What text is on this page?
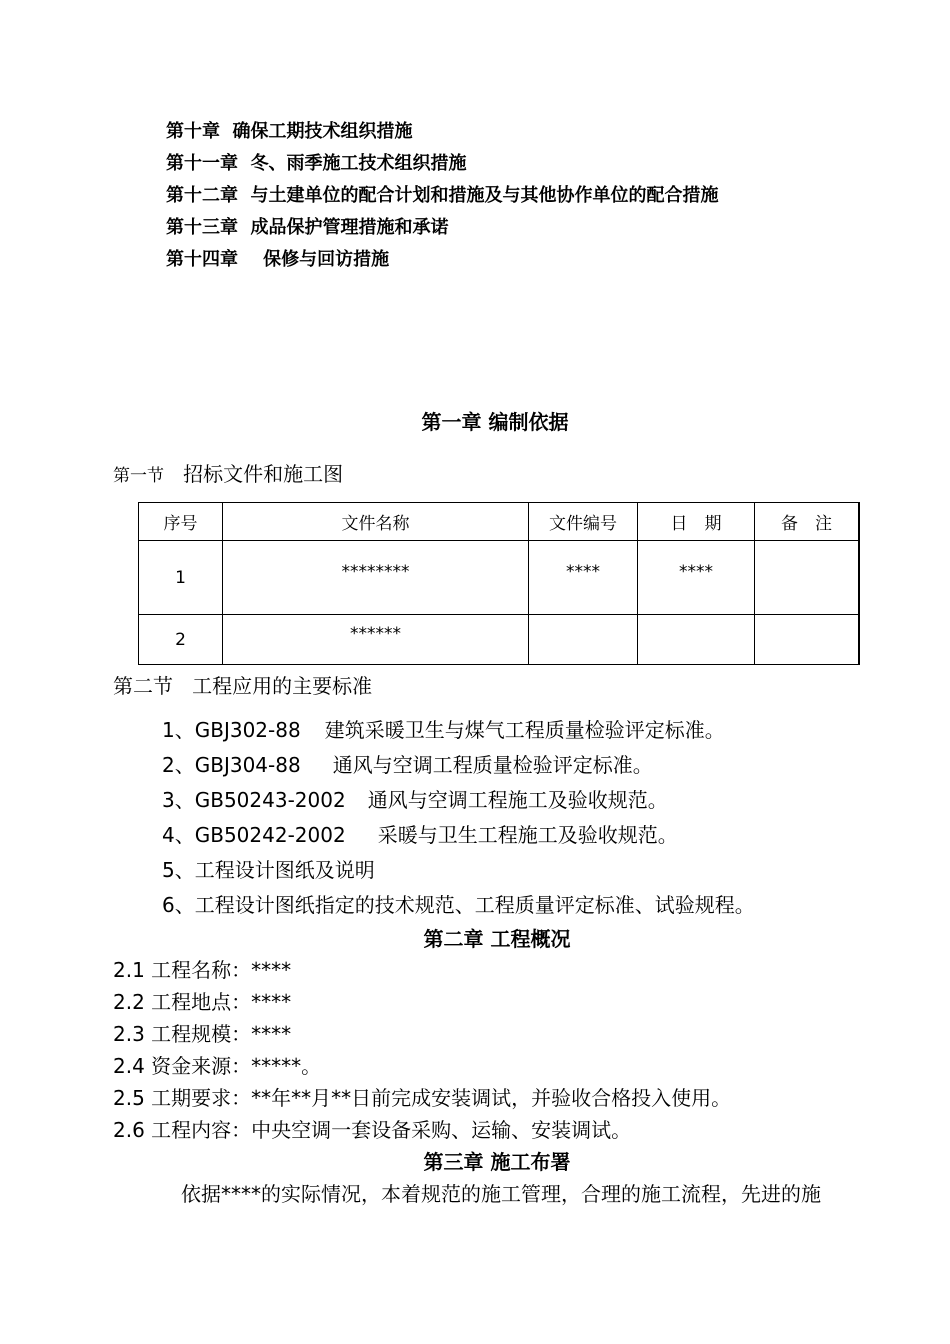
第十章 确保工期技术组织措施
第十一章 冬、雨季施工技术组织措施
第十二章 与土建单位的配合计划和措施及与其他协作单位的配合措施
第十三章 成品保护管理措施和承诺
第十四章 保修与回访措施
第一章 编制依据
第一节 招标文件和施工图
序号	文件名称	文件编号	日　期	备　注
1	********	****	****	
2	******			
第二节 工程应用的主要标准
1、GBJ302-88 建筑采暖卫生与煤气工程质量检验评定标准。
2、GBJ304-88 通风与空调工程质量检验评定标准。
3、GB50243-2002 通风与空调工程施工及验收规范。
4、GB50242-2002 采暖与卫生工程施工及验收规范。
5、工程设计图纸及说明
6、工程设计图纸指定的技术规范、工程质量评定标准、试验规程。
第二章 工程概况
2.1 工程名称：****
2.2 工程地点：****
2.3 工程规模：****
2.4 资金来源：*****。
2.5 工期要求：**年**月**日前完成安装调试，并验收合格投入使用。
2.6 工程内容：中央空调一套设备采购、运输、安装调试。
第三章 施工布署
依据****的实际情况，本着规范的施工管理，合理的施工流程，先进的施
